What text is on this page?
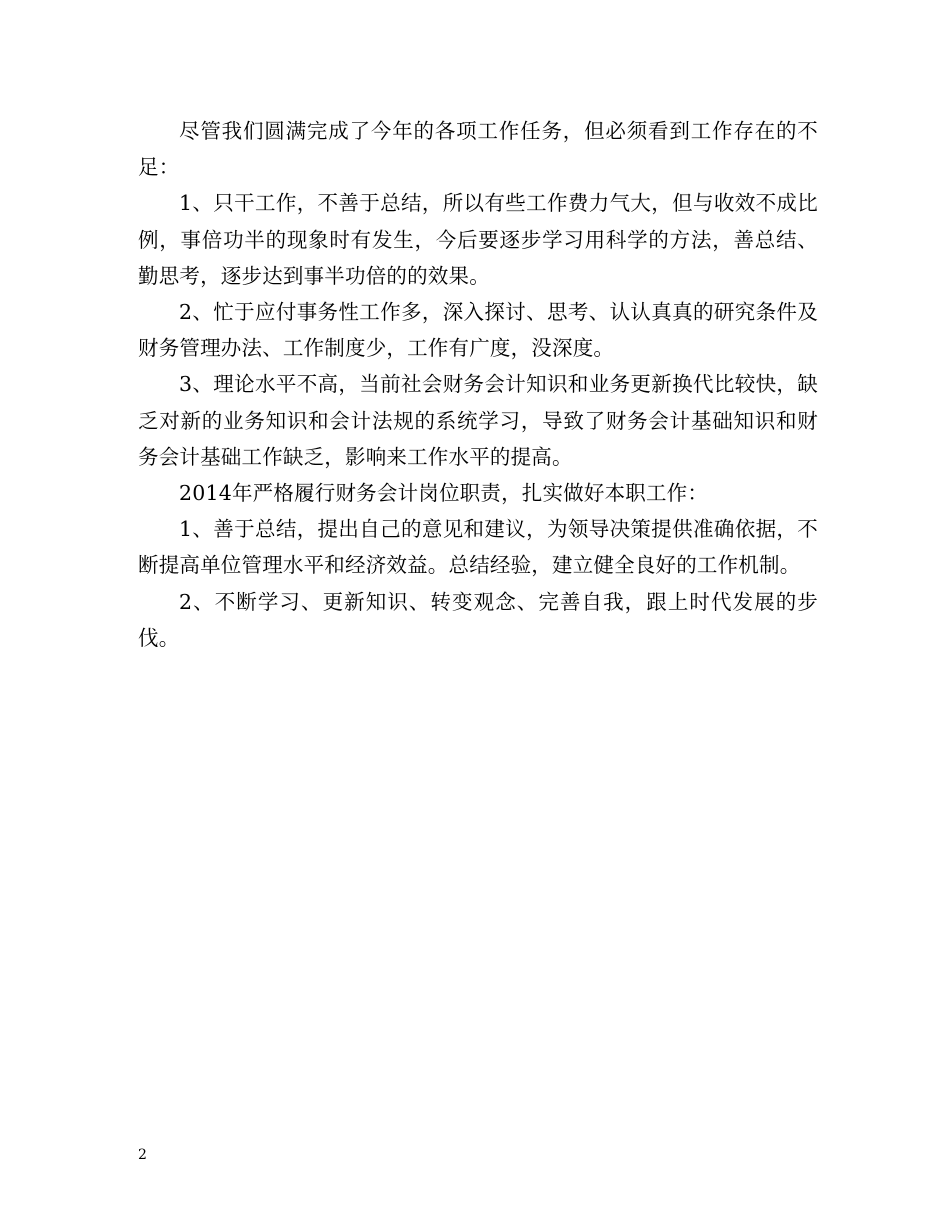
尽管我们圆满完成了今年的各项工作任务，但必须看到工作存在的不足：

1、只干工作，不善于总结，所以有些工作费力气大，但与收效不成比例，事倍功半的现象时有发生，今后要逐步学习用科学的方法，善总结、勤思考，逐步达到事半功倍的的效果。

2、忙于应付事务性工作多，深入探讨、思考、认认真真的研究条件及财务管理办法、工作制度少，工作有广度，没深度。

3、理论水平不高，当前社会财务会计知识和业务更新换代比较快，缺乏对新的业务知识和会计法规的系统学习，导致了财务会计基础知识和财务会计基础工作缺乏，影响来工作水平的提高。

2014年严格履行财务会计岗位职责，扎实做好本职工作：

1、善于总结，提出自己的意见和建议，为领导决策提供准确依据，不断提高单位管理水平和经济效益。总结经验，建立健全良好的工作机制。

2、不断学习、更新知识、转变观念、完善自我，跟上时代发展的步伐。

2
